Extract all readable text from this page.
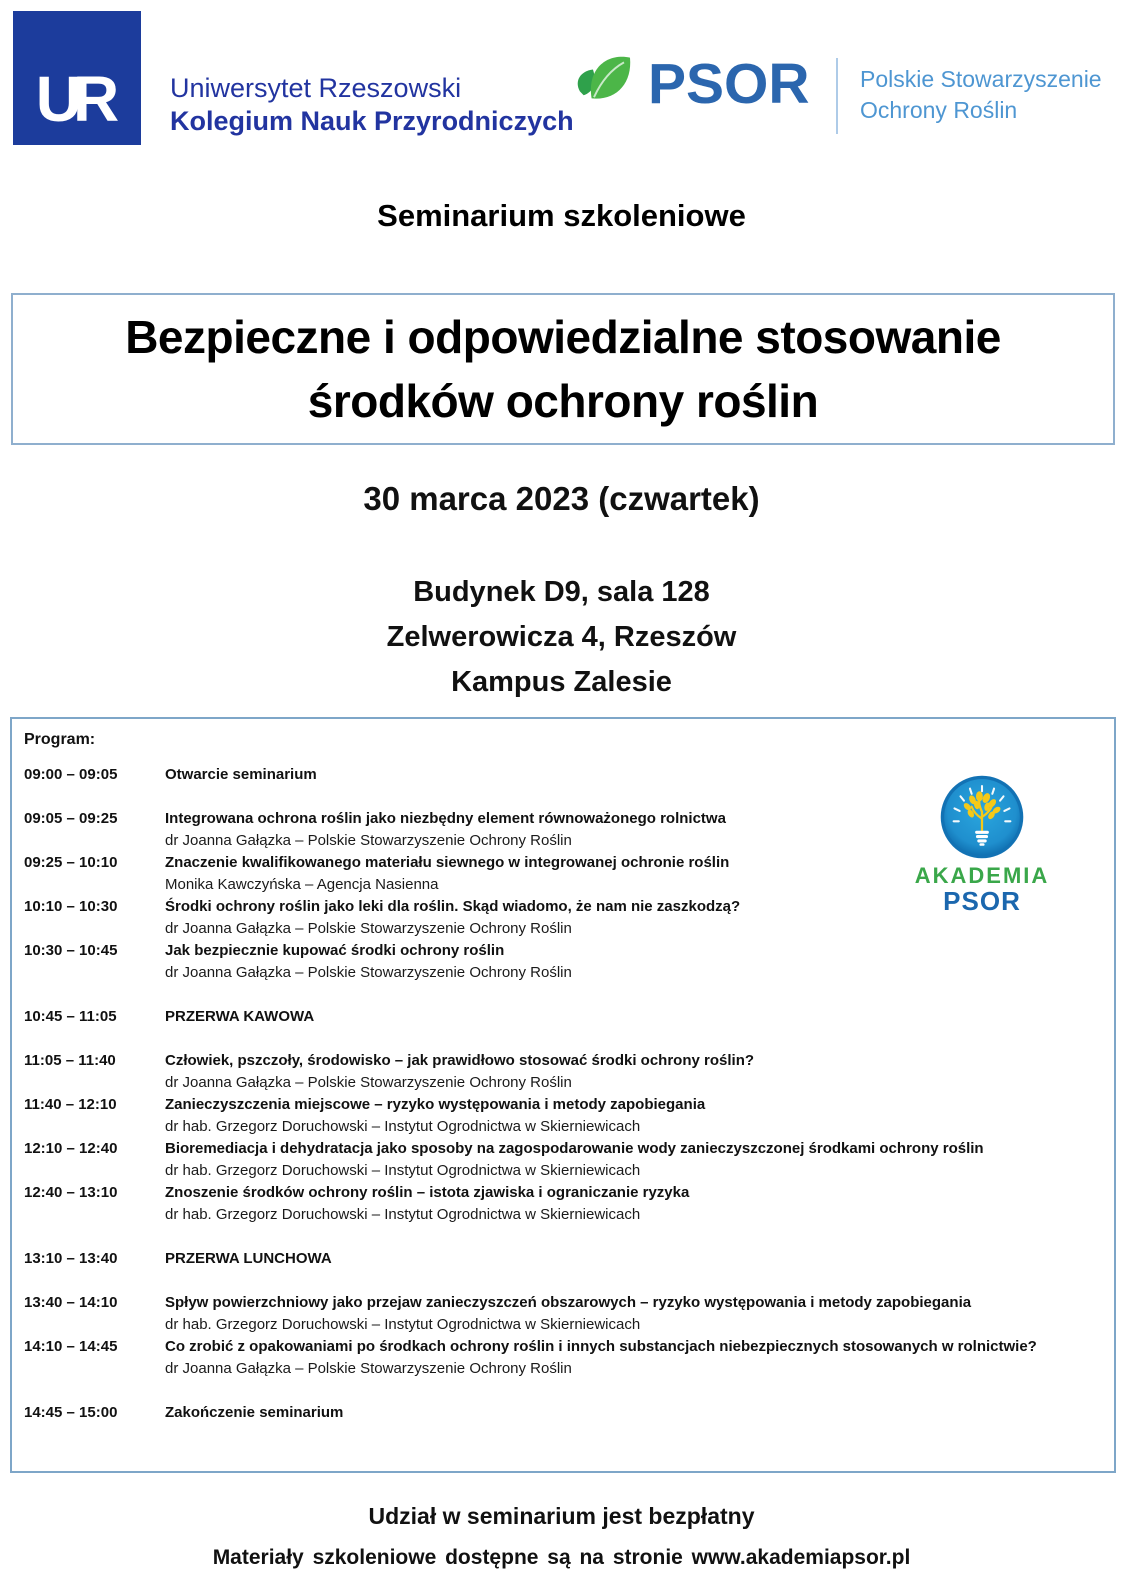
UR Uniwersytet Rzeszowski
Kolegium Nauk Przyrodniczych
PSOR Polskie Stowarzyszenie
Ochrony Roślin
Seminarium szkoleniowe
Bezpieczne i odpowiedzialne stosowanie środków ochrony roślin
30 marca 2023 (czwartek)
Budynek D9, sala 128
Zelwerowicza 4, Rzeszów
Kampus Zalesie
Program:
09:00 – 09:05	Otwarcie seminarium
09:05 – 09:25	Integrowana ochrona roślin jako niezbędny element równoważonego rolnictwa
dr Joanna Gałązka – Polskie Stowarzyszenie Ochrony Roślin
09:25 – 10:10	Znaczenie kwalifikowanego materiału siewnego w integrowanej ochronie roślin
Monika Kawczyńska – Agencja Nasienna
10:10 – 10:30	Środki ochrony roślin jako leki dla roślin. Skąd wiadomo, że nam nie zaszkodzą?
dr Joanna Gałązka – Polskie Stowarzyszenie Ochrony Roślin
10:30 – 10:45	Jak bezpiecznie kupować środki ochrony roślin
dr Joanna Gałązka – Polskie Stowarzyszenie Ochrony Roślin
10:45 – 11:05	PRZERWA KAWOWA
11:05 – 11:40	Człowiek, pszczoły, środowisko – jak prawidłowo stosować środki ochrony roślin?
dr Joanna Gałązka – Polskie Stowarzyszenie Ochrony Roślin
11:40 – 12:10	Zanieczyszczenia miejscowe – ryzyko występowania i metody zapobiegania
dr hab. Grzegorz Doruchowski – Instytut Ogrodnictwa w Skierniewicach
12:10 – 12:40	Bioremediacja i dehydratacja jako sposoby na zagospodarowanie wody zanieczyszczonej środkami ochrony roślin
dr hab. Grzegorz Doruchowski – Instytut Ogrodnictwa w Skierniewicach
12:40 – 13:10	Znoszenie środków ochrony roślin – istota zjawiska i ograniczanie ryzyka
dr hab. Grzegorz Doruchowski – Instytut Ogrodnictwa w Skierniewicach
13:10 – 13:40	PRZERWA LUNCHOWA
13:40 – 14:10	Spływ powierzchniowy jako przejaw zanieczyszczeń obszarowych – ryzyko występowania i metody zapobiegania
dr hab. Grzegorz Doruchowski – Instytut Ogrodnictwa w Skierniewicach
14:10 – 14:45	Co zrobić z opakowaniami po środkach ochrony roślin i innych substancjach niebezpiecznych stosowanych w rolnictwie?
dr Joanna Gałązka – Polskie Stowarzyszenie Ochrony Roślin
14:45 – 15:00	Zakończenie seminarium
AKADEMIA
PSOR
Udział w seminarium jest bezpłatny
Materiały szkoleniowe dostępne są na stronie www.akademiapsor.pl
